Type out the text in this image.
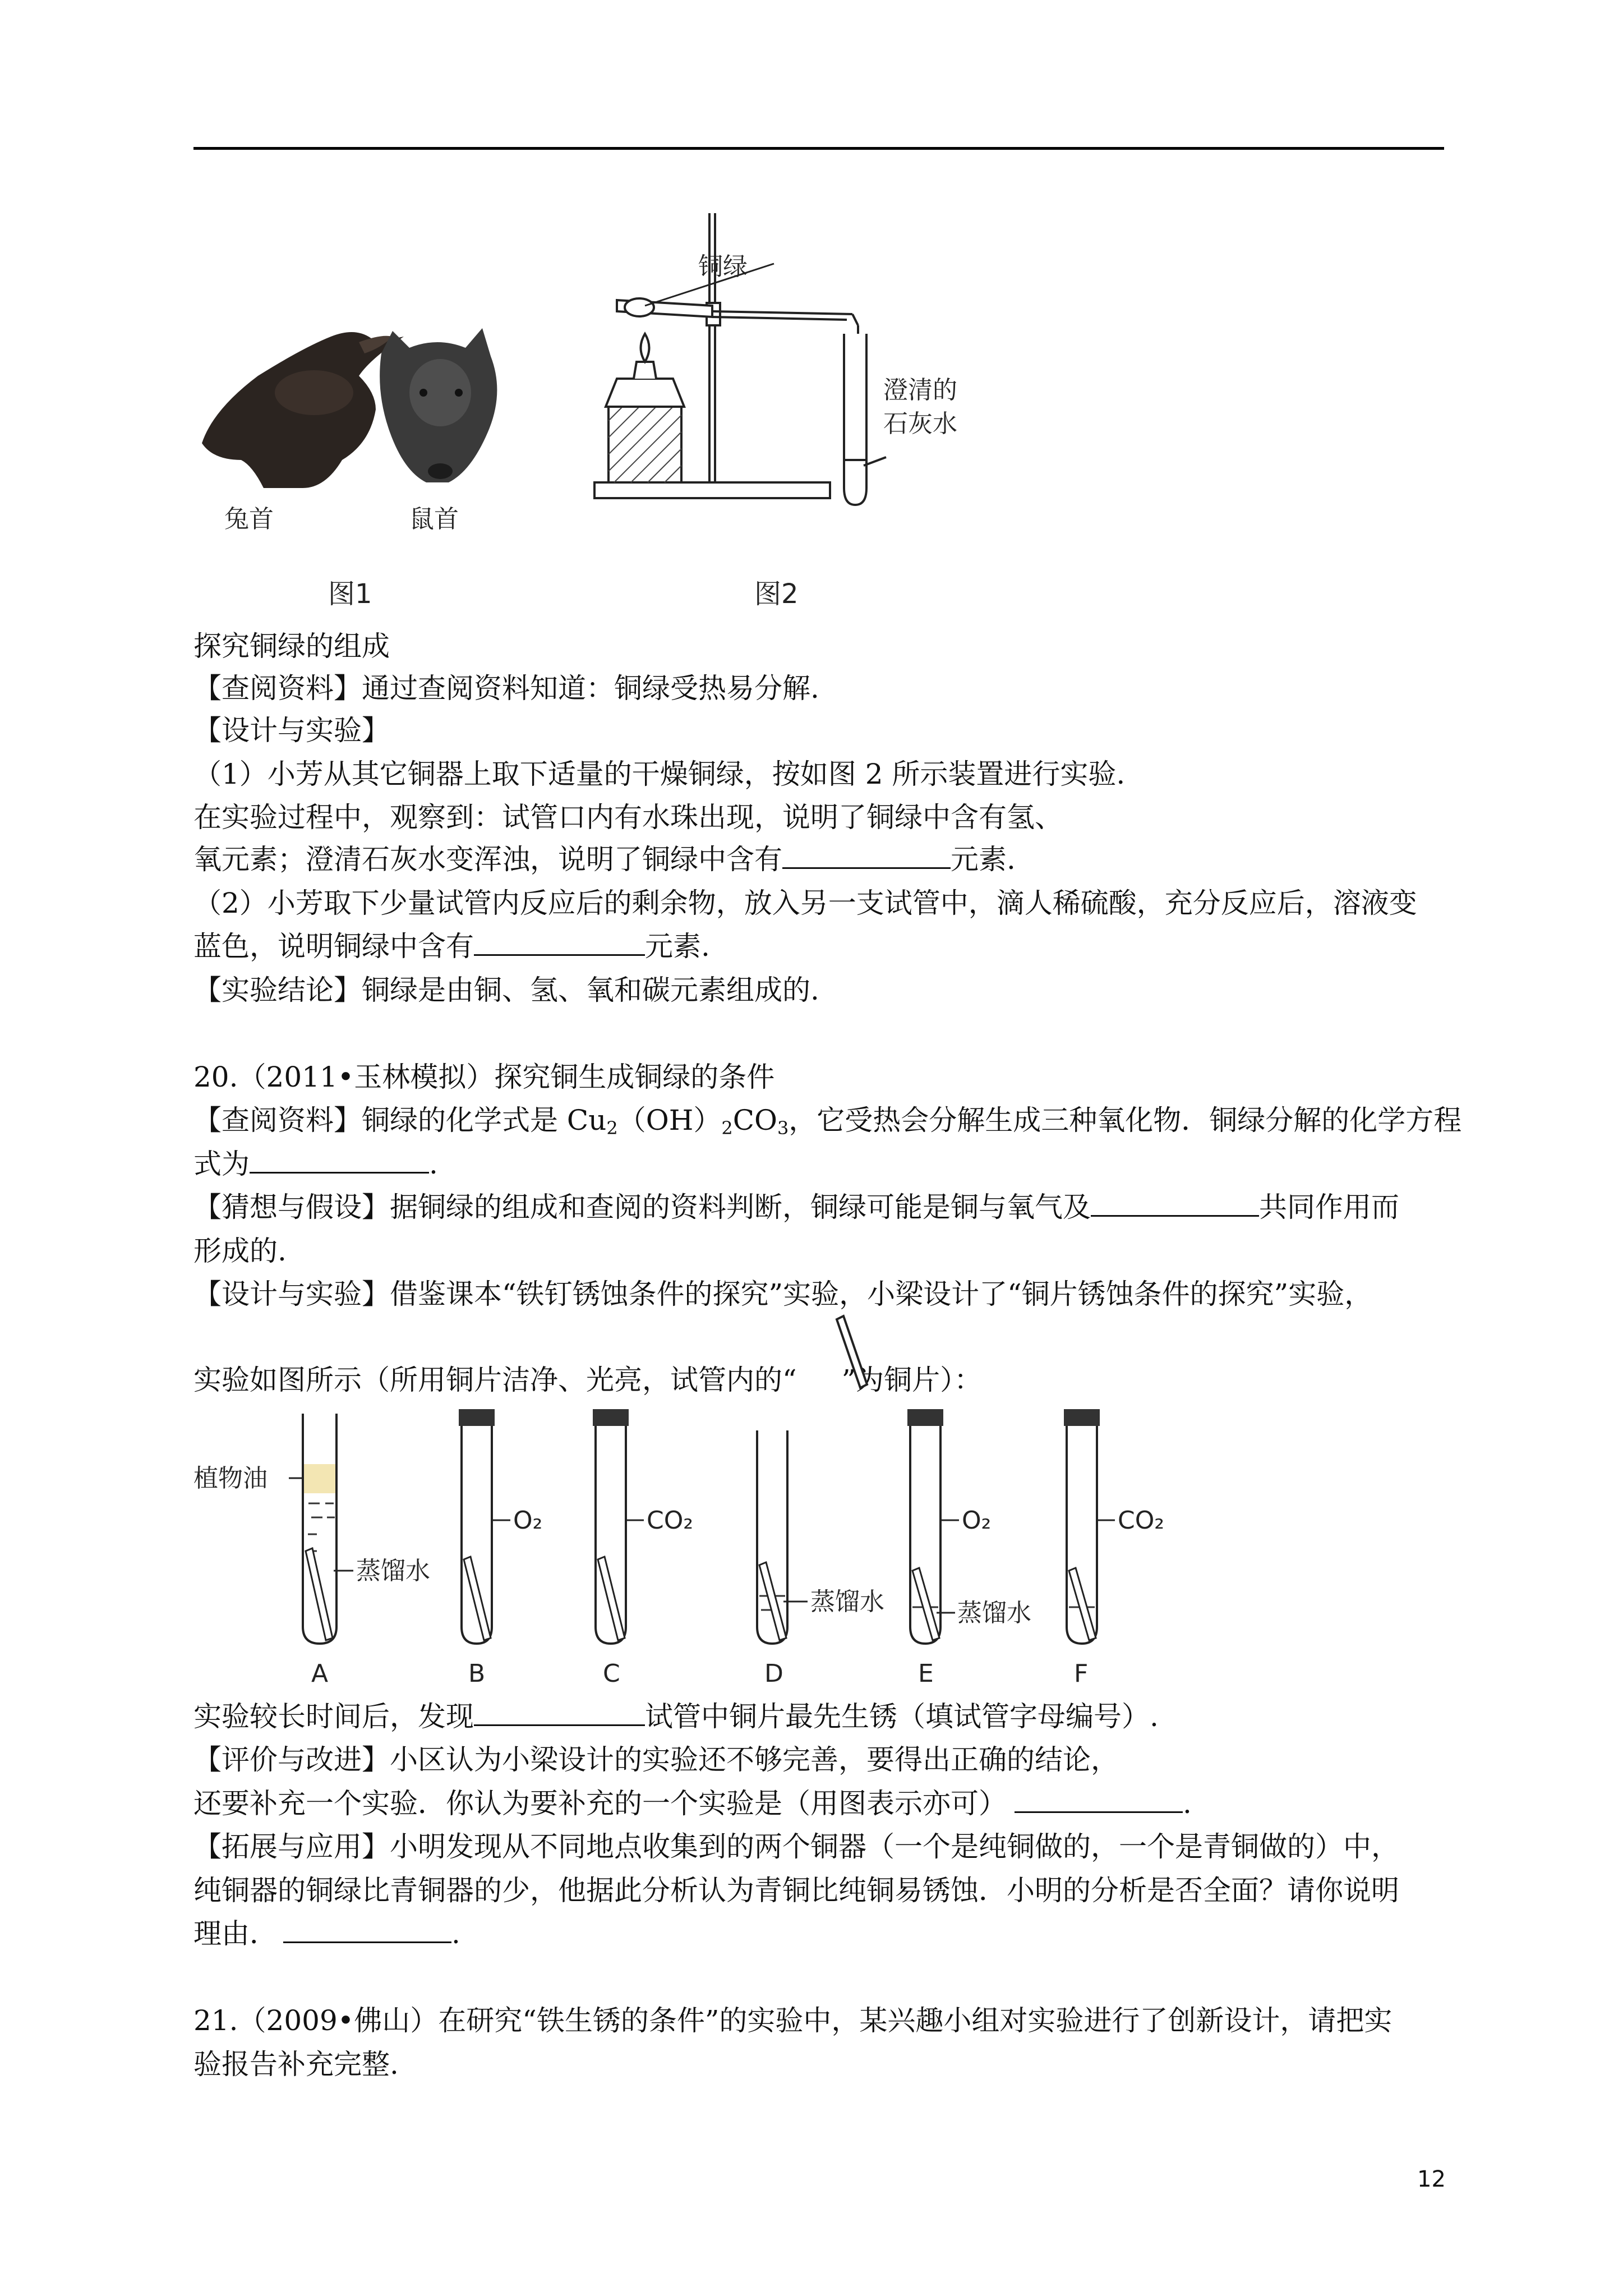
兔首	鼠首
图1
铜绿
澄清的
石灰水
图2
探究铜绿的组成
【查阅资料】通过查阅资料知道：铜绿受热易分解.
【设计与实验】
（1）小芳从其它铜器上取下适量的干燥铜绿，按如图 2 所示装置进行实验.
在实验过程中，观察到：试管口内有水珠出现，说明了铜绿中含有氢、
氧元素；澄清石灰水变浑浊，说明了铜绿中含有	元素.
（2）小芳取下少量试管内反应后的剩余物，放入另一支试管中，滴人稀硫酸，充分反应后，溶液变
蓝色，说明铜绿中含有	元素.
【实验结论】铜绿是由铜、氢、氧和碳元素组成的.
20.（2011•玉林模拟）探究铜生成铜绿的条件
【查阅资料】铜绿的化学式是 $Cu_2(OH)_2CO_3$，它受热会分解生成三种氧化物．铜绿分解的化学方程
式为	.
【猜想与假设】据铜绿的组成和查阅的资料判断，铜绿可能是铜与氧气及	共同作用而
形成的.
【设计与实验】借鉴课本“铁钉锈蚀条件的探究”实验，小梁设计了“铜片锈蚀条件的探究”实验，
实验如图所示（所用铜片洁净、光亮，试管内的“ ”为铜片）：
植物油
蒸馏水
O₂	CO₂
蒸馏水
O₂
蒸馏水
CO₂
A	B	C	D	E	F
实验较长时间后，发现	试管中铜片最先生锈（填试管字母编号）.
【评价与改进】小区认为小梁设计的实验还不够完善，要得出正确的结论，
还要补充一个实验．你认为要补充的一个实验是（用图表示亦可）	.
【拓展与应用】小明发现从不同地点收集到的两个铜器（一个是纯铜做的，一个是青铜做的）中，
纯铜器的铜绿比青铜器的少，他据此分析认为青铜比纯铜易锈蚀．小明的分析是否全面？请你说明
理由．	.
21.（2009•佛山）在研究“铁生锈的条件”的实验中，某兴趣小组对实验进行了创新设计，请把实
验报告补充完整.
12
